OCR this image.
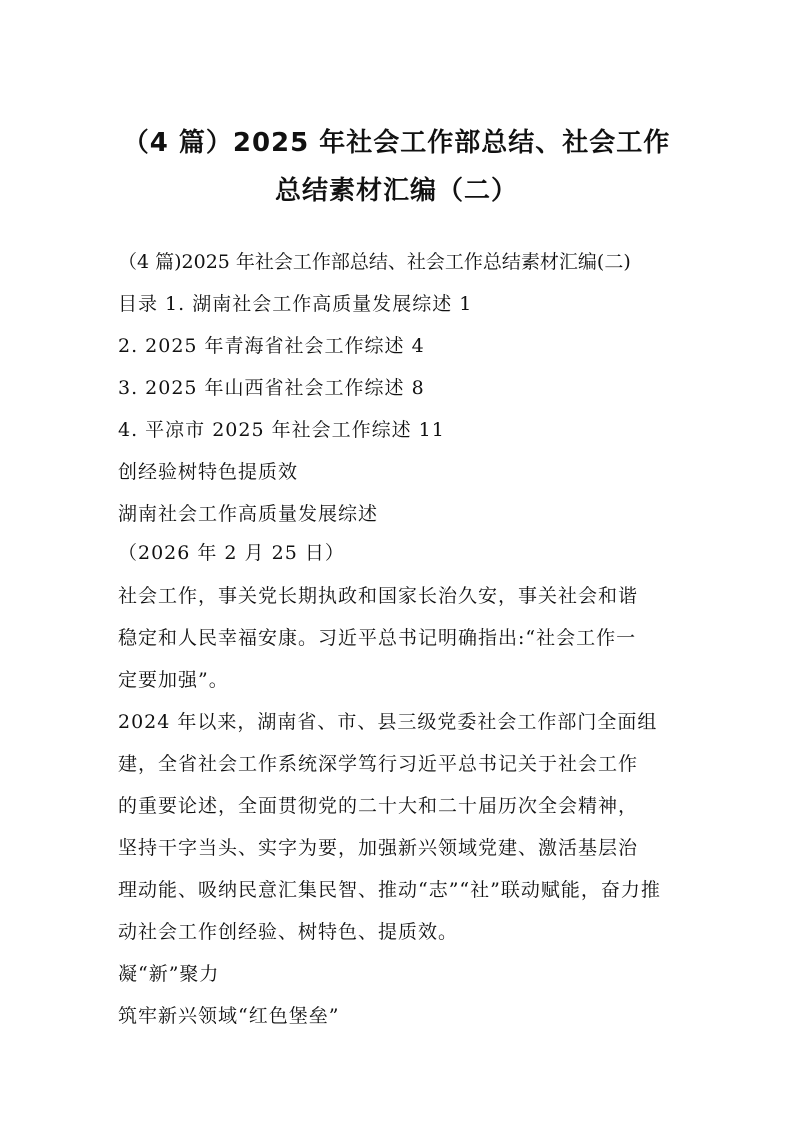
（4 篇）2025 年社会工作部总结、社会工作
总结素材汇编（二）
（4 篇)2025 年社会工作部总结、社会工作总结素材汇编(二)
目录 1. 湖南社会工作高质量发展综述 1
2. 2025 年青海省社会工作综述 4
3. 2025 年山西省社会工作综述 8
4. 平凉市 2025 年社会工作综述 11
创经验树特色提质效
湖南社会工作高质量发展综述
（2026 年 2 月 25 日）
社会工作，事关党长期执政和国家长治久安，事关社会和谐
稳定和人民幸福安康。习近平总书记明确指出:“社会工作一
定要加强”。
2024 年以来，湖南省、市、县三级党委社会工作部门全面组
建，全省社会工作系统深学笃行习近平总书记关于社会工作
的重要论述，全面贯彻党的二十大和二十届历次全会精神，
坚持干字当头、实字为要，加强新兴领域党建、激活基层治
理动能、吸纳民意汇集民智、推动“志”“社”联动赋能，奋力推
动社会工作创经验、树特色、提质效。
凝“新”聚力
筑牢新兴领域“红色堡垒”
